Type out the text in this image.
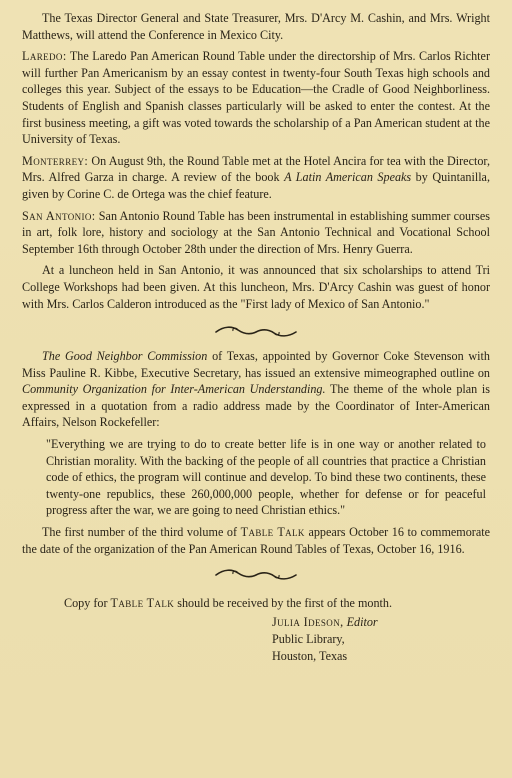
The Texas Director General and State Treasurer, Mrs. D'Arcy M. Cashin, and Mrs. Wright Matthews, will attend the Conference in Mexico City.

Laredo: The Laredo Pan American Round Table under the directorship of Mrs. Carlos Richter will further Pan Americanism by an essay contest in twenty-four South Texas high schools and colleges this year. Subject of the essays to be Education—the Cradle of Good Neighborliness. Students of English and Spanish classes particularly will be asked to enter the contest. At the first business meeting, a gift was voted towards the scholarship of a Pan American student at the University of Texas.

Monterrey: On August 9th, the Round Table met at the Hotel Ancira for tea with the Director, Mrs. Alfred Garza in charge. A review of the book A Latin American Speaks by Quintanilla, given by Corine C. de Ortega was the chief feature.

San Antonio: San Antonio Round Table has been instrumental in establishing summer courses in art, folk lore, history and sociology at the San Antonio Technical and Vocational School September 16th through October 28th under the direction of Mrs. Henry Guerra.

At a luncheon held in San Antonio, it was announced that six scholarships to attend Tri College Workshops had been given. At this luncheon, Mrs. D'Arcy Cashin was guest of honor with Mrs. Carlos Calderon introduced as the "First lady of Mexico of San Antonio."

The Good Neighbor Commission of Texas, appointed by Governor Coke Stevenson with Miss Pauline R. Kibbe, Executive Secretary, has issued an extensive mimeographed outline on Community Organization for Inter-American Understanding. The theme of the whole plan is expressed in a quotation from a radio address made by the Coordinator of Inter-American Affairs, Nelson Rockefeller:

"Everything we are trying to do to create better life is in one way or another related to Christian morality. With the backing of the people of all countries that practice a Christian code of ethics, the program will continue and develop. To bind these two continents, these twenty-one republics, these 260,000,000 people, whether for defense or for peaceful progress after the war, we are going to need Christian ethics."

The first number of the third volume of Table Talk appears October 16 to commemorate the date of the organization of the Pan American Round Tables of Texas, October 16, 1916.

Copy for Table Talk should be received by the first of the month.

Julia Ideson, Editor

Public Library,

Houston, Texas
